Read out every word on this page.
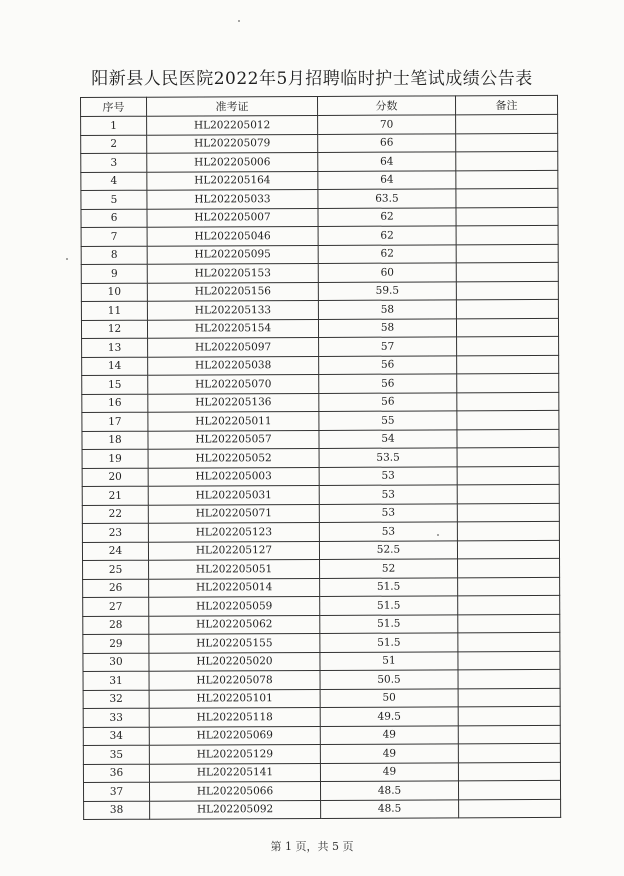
阳新县人民医院2022年5月招聘临时护士笔试成绩公告表
序号	准考证	分数	备注
1	HL202205012	70	
2	HL202205079	66	
3	HL202205006	64	
4	HL202205164	64	
5	HL202205033	63.5	
6	HL202205007	62	
7	HL202205046	62	
8	HL202205095	62	
9	HL202205153	60	
10	HL202205156	59.5	
11	HL202205133	58	
12	HL202205154	58	
13	HL202205097	57	
14	HL202205038	56	
15	HL202205070	56	
16	HL202205136	56	
17	HL202205011	55	
18	HL202205057	54	
19	HL202205052	53.5	
20	HL202205003	53	
21	HL202205031	53	
22	HL202205071	53	
23	HL202205123	53	
24	HL202205127	52.5	
25	HL202205051	52	
26	HL202205014	51.5	
27	HL202205059	51.5	
28	HL202205062	51.5	
29	HL202205155	51.5	
30	HL202205020	51	
31	HL202205078	50.5	
32	HL202205101	50	
33	HL202205118	49.5	
34	HL202205069	49	
35	HL202205129	49	
36	HL202205141	49	
37	HL202205066	48.5	
38	HL202205092	48.5	
第 1 页，共 5 页
